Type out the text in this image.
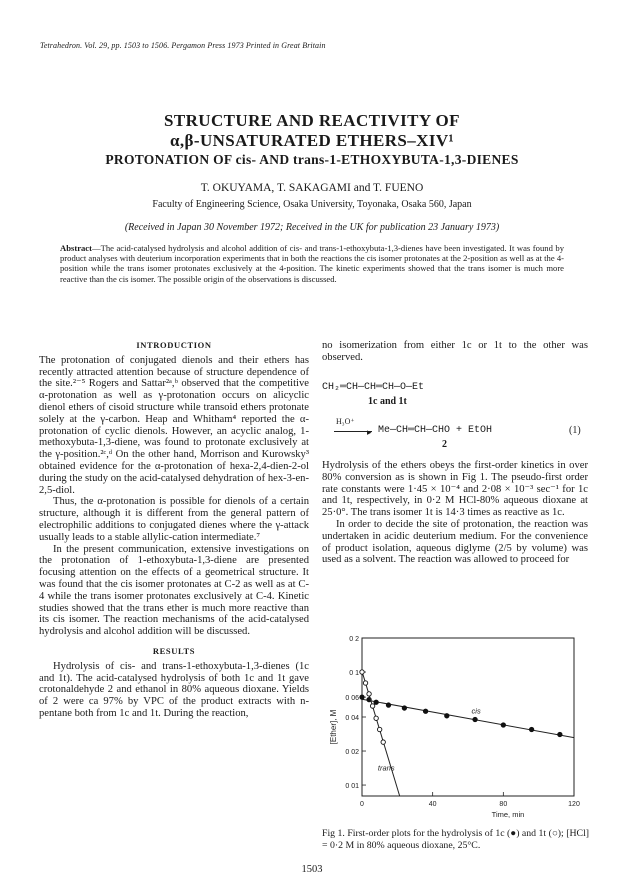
Tetrahedron. Vol. 29, pp. 1503 to 1506. Pergamon Press 1973 Printed in Great Britain
STRUCTURE AND REACTIVITY OF
α,β-UNSATURATED ETHERS–XIV¹
PROTONATION OF cis- AND trans-1-ETHOXYBUTA-1,3-DIENES
T. OKUYAMA, T. SAKAGAMI and T. FUENO
Faculty of Engineering Science, Osaka University, Toyonaka, Osaka 560, Japan
(Received in Japan 30 November 1972; Received in the UK for publication 23 January 1973)
Abstract—The acid-catalysed hydrolysis and alcohol addition of cis- and trans-1-ethoxybuta-1,3-dienes have been investigated. It was found by product analyses with deuterium incorporation experiments that in both the reactions the cis isomer protonates at the 2-position as well as at the 4-position while the trans isomer protonates exclusively at the 4-position. The kinetic experiments showed that the trans isomer is much more reactive than the cis isomer. The possible origin of the observations is discussed.
INTRODUCTION

The protonation of conjugated dienols and their ethers has recently attracted attention because of structure dependence of the site.²⁻⁵ Rogers and Sattar²ᵃ,ᵇ observed that the competitive α-protonation as well as γ-protonation occurs on alicyclic dienol ethers of cisoid structure while transoid ethers protonate solely at the γ-carbon. Heap and Whitham⁴ reported the α-protonation of cyclic dienols. However, an acyclic analog, 1-methoxybuta-1,3-diene, was found to protonate exclusively at the γ-position.²ᶜ,ᵈ On the other hand, Morrison and Kurowsky³ obtained evidence for the α-protonation of hexa-2,4-dien-2-ol during the study on the acid-catalysed dehydration of hex-3-en-2,5-diol.

Thus, the α-protonation is possible for dienols of a certain structure, although it is different from the general pattern of electrophilic additions to conjugated dienes where the γ-attack usually leads to a stable allylic-cation intermediate.⁷

In the present communication, extensive investigations on the protonation of 1-ethoxybuta-1,3-diene are presented focusing attention on the effects of a geometrical structure. It was found that the cis isomer protonates at C-2 as well as at C-4 while the trans isomer protonates exclusively at C-4. Kinetic studies showed that the trans ether is much more reactive than its cis isomer. The reaction mechanisms of the acid-catalysed hydrolysis and alcohol addition will be discussed.

RESULTS

Hydrolysis of cis- and trans-1-ethoxybuta-1,3-dienes (1c and 1t). The acid-catalysed hydrolysis of both 1c and 1t gave crotonaldehyde 2 and ethanol in 80% aqueous dioxane. Yields of 2 were ca 97% by VPC of the product extracts with n-pentane both from 1c and 1t. During the reaction,

no isomerization from either 1c or 1t to the other was observed.

CH₂═CH—CH═CH—O—Et
1c and 1t
H₃O⁺
▸ Me—CH═CH—CHO + EtOH	(1)
2

Hydrolysis of the ethers obeys the first-order kinetics in over 80% conversion as is shown in Fig 1. The pseudo-first order rate constants were 1·45 × 10⁻⁴ and 2·08 × 10⁻³ sec⁻¹ for 1c and 1t, respectively, in 0·2 M HCl-80% aqueous dioxane at 25·0°. The trans isomer 1t is 14·3 times as reactive as 1c.

In order to decide the site of protonation, the reaction was undertaken in acidic deuterium medium. For the convenience of product isolation, aqueous diglyme (2/5 by volume) was used as a solvent. The reaction was allowed to proceed for

0 2
0 1
0 06
0 04
0 02
0 01
0	40	80	120
Time, min
[Ether], M	cis
trans
Fig 1. First-order plots for the hydrolysis of 1c (●) and 1t (○); [HCl] = 0·2 M in 80% aqueous dioxane, 25°C.
1503
